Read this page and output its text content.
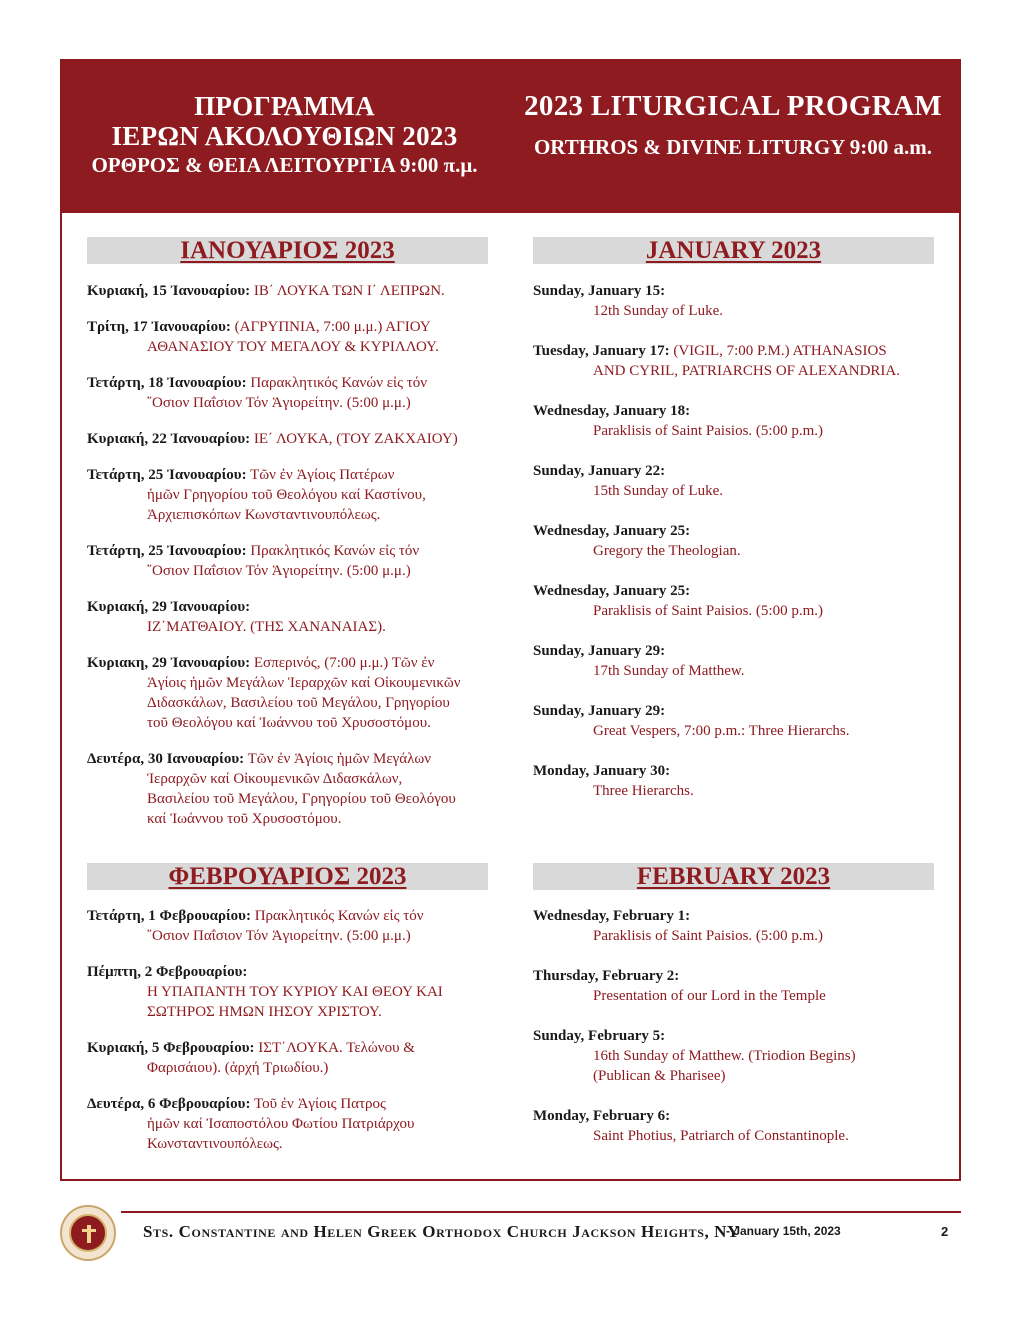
ΠΡΟΓΡΑΜΜΑ
ΙΕΡΩΝ ΑΚΟΛΟΥΘΙΩΝ 2023
ΟΡΘΡΟΣ & ΘΕΙΑ ΛΕΙΤΟΥΡΓΙΑ 9:00 π.μ.
2023 LITURGICAL PROGRAM
ORTHROS & DIVINE LITURGY 9:00 a.m.
ΙΑΝΟΥΑΡΙΟΣ 2023	JANUARY 2023
Κυριακή, 15 Ἰανουαρίου: ΙΒ΄ ΛΟΥΚΑ ΤΩΝ Ι΄ ΛΕΠΡΩΝ.
Τρίτη, 17 Ἰανουαρίου: (ΑΓΡΥΠΝΙΑ, 7:00 μ.μ.) ΑΓΙΟΥ
ΑΘΑΝΑΣΙΟΥ ΤΟΥ ΜΕΓΑΛΟΥ & ΚΥΡΙΛΛΟΥ.
Τετάρτη, 18 Ἰανουαρίου: Παρακλητικός Κανών εἰς τόν
῞Οσιον Παΐσιον Τόν Ἁγιορείτην. (5:00 μ.μ.)
Κυριακή, 22 Ἰανουαρίου: ΙΕ΄ ΛΟΥΚΑ, (ΤΟΥ ΖΑΚΧΑΙΟΥ)
Τετάρτη, 25 Ἰανουαρίου: Τῶν ἐν Ἁγίοις Πατέρων
ἡμῶν Γρηγορίου τοῦ Θεολόγου καί Καστίνου,
Ἀρχιεπισκόπων Κωνσταντινουπόλεως.
Τετάρτη, 25 Ἰανουαρίου: Πρακλητικός Κανών εἰς τόν
῞Οσιον Παΐσιον Τόν Ἁγιορείτην. (5:00 μ.μ.)
Κυριακή, 29 Ἰανουαρίου:
ΙΖ΄ΜΑΤΘΑΙΟΥ. (ΤΗΣ ΧΑΝΑΝΑΙΑΣ).
Κυριακη, 29 Ἰανουαρίου: Εσπερινός, (7:00 μ.μ.) Τῶν ἐν
Ἁγίοις ἡμῶν Μεγάλων Ἱεραρχῶν καί Οἰκουμενικῶν
Διδασκάλων, Βασιλείου τοῦ Μεγάλου, Γρηγορίου
τοῦ Θεολόγου καί Ἰωάννου τοῦ Χρυσοστόμου.
Δευτέρα, 30 Ιανουαρίου: Τῶν ἐν Ἁγίοις ἡμῶν Μεγάλων
Ἱεραρχῶν καί Οἰκουμενικῶν Διδασκάλων,
Βασιλείου τοῦ Μεγάλου, Γρηγορίου τοῦ Θεολόγου
καί Ἰωάννου τοῦ Χρυσοστόμου.
Sunday, January 15:
12th Sunday of Luke.
Tuesday, January 17: (VIGIL, 7:00 P.M.) ATHANASIOS
AND CYRIL, PATRIARCHS OF ALEXANDRIA.
Wednesday, January 18:
Paraklisis of Saint Paisios. (5:00 p.m.)
Sunday, January 22:
15th Sunday of Luke.
Wednesday, January 25:
Gregory the Theologian.
Wednesday, January 25:
Paraklisis of Saint Paisios. (5:00 p.m.)
Sunday, January 29:
17th Sunday of Matthew.
Sunday, January 29:
Great Vespers, 7:00 p.m.: Three Hierarchs.
Monday, January 30:
Three Hierarchs.
ΦΕΒΡΟΥΑΡΙΟΣ 2023	FEBRUARY 2023
Τετάρτη, 1 Φεβρουαρίου: Πρακλητικός Κανών εἰς τόν
῞Οσιον Παΐσιον Τόν Ἁγιορείτην. (5:00 μ.μ.)
Πέμπτη, 2 Φεβρουαρίου:
Η ΥΠΑΠΑΝΤΗ ΤΟΥ ΚΥΡΙΟΥ ΚΑΙ ΘΕΟΥ ΚΑΙ
ΣΩΤΗΡΟΣ ΗΜΩΝ ΙΗΣΟΥ ΧΡΙΣΤΟΥ.
Κυριακή, 5 Φεβρουαρίου: ΙΣΤ΄ΛΟΥΚΑ. Τελώνου &
Φαρισάιου). (ἀρχή Τριωδίου.)
Δευτέρα, 6 Φεβρουαρίου: Τοῦ ἐν Ἁγίοις Πατρος
ἡμῶν καί Ἰσαποστόλου Φωτίου Πατριάρχου
Κωνσταντινουπόλεως.
Wednesday, February 1:
Paraklisis of Saint Paisios. (5:00 p.m.)
Thursday, February 2:
Presentation of our Lord in the Temple
Sunday, February 5:
16th Sunday of Matthew. (Triodion Begins)
(Publican & Pharisee)
Monday, February 6:
Saint Photius, Patriarch of Constantinople.
Sts. Constantine and Helen Greek Orthodox Church Jackson Heights, NY
- January 15th, 2023	2
